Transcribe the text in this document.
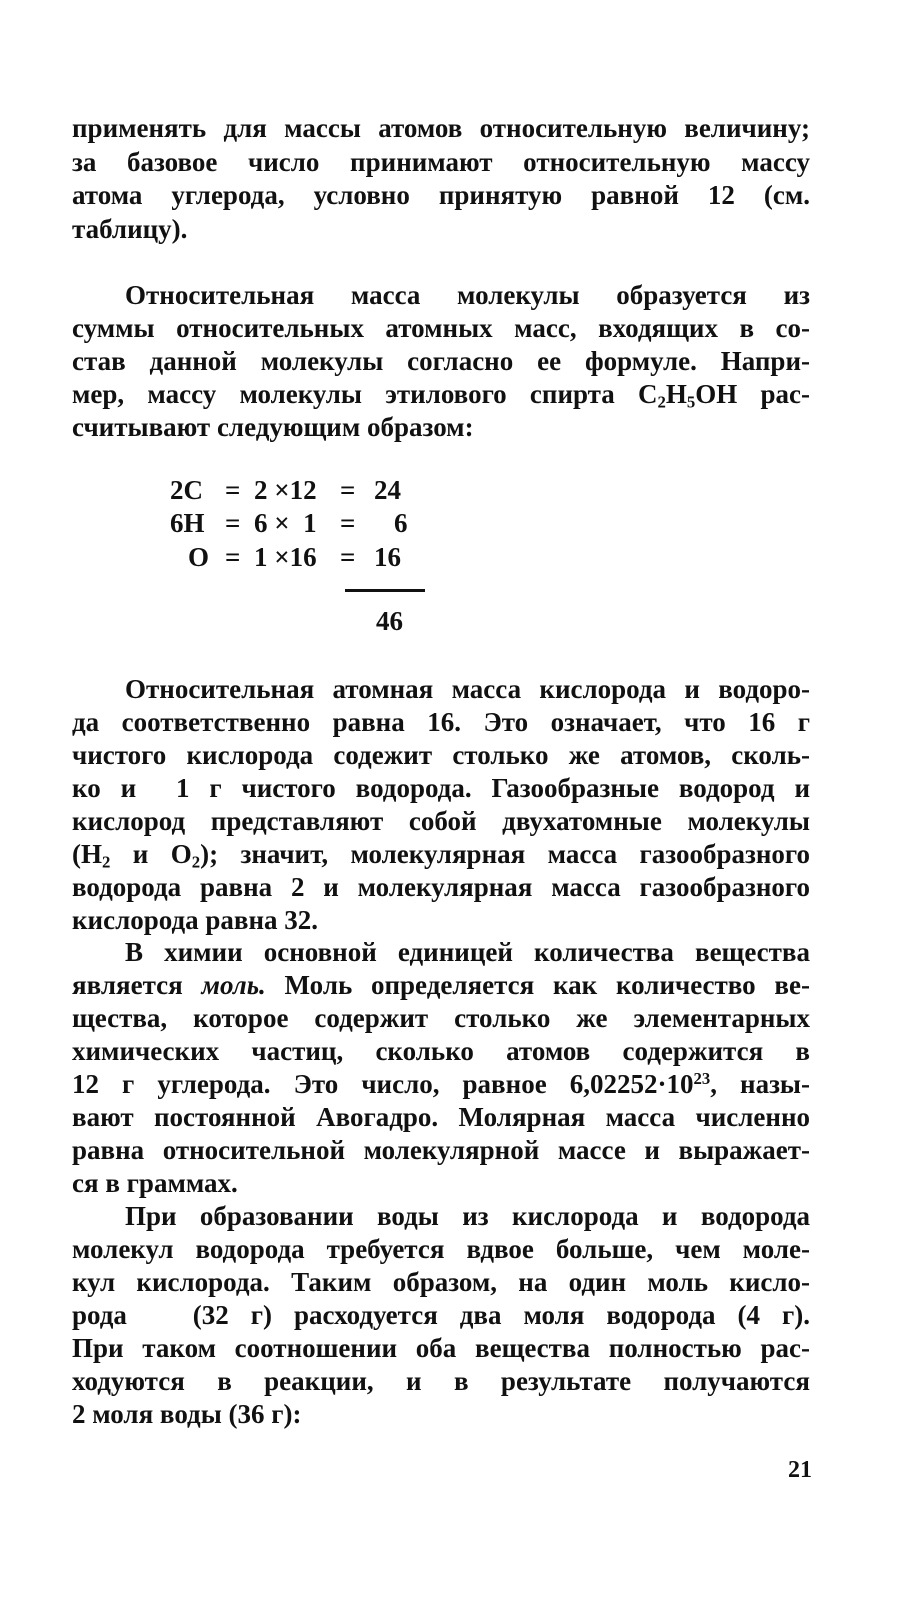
применять для массы атомов относительную величину;
за базовое число принимают относительную массу
атома углерода, условно принятую равной 12 (см.
таблицу).
Относительная масса молекулы образуется из
суммы относительных атомных масс, входящих в со-
став данной молекулы согласно ее формуле. Напри-
мер, массу молекулы этилового спирта $C_2H_5OH$ рас-
считывают следующим образом:
2C = 2 ×12 = 24
6H = 6 ×  1 = 6
O = 1 ×16 = 16
46
Относительная атомная масса кислорода и водоро-
да соответственно равна 16. Это означает, что 16 г
чистого кислорода содежит столько же атомов, сколь-
ко и  1 г чистого водорода. Газообразные водород и
кислород представляют собой двухатомные молекулы
($H_2$ и $O_2$); значит, молекулярная масса газообразного
водорода равна 2 и молекулярная масса газообразного
кислорода равна 32.
В химии основной единицей количества вещества
является моль. Моль определяется как количество ве-
щества, которое содержит столько же элементарных
химических частиц, сколько атомов содержится в
12 г углерода. Это число, равное $6,02252\cdot 10^{23}$, назы-
вают постоянной Авогадро. Молярная масса численно
равна относительной молекулярной массе и выражает-
ся в граммах.
При образовании воды из кислорода и водорода
молекул водорода требуется вдвое больше, чем моле-
кул кислорода. Таким образом, на один моль кисло-
рода   (32 г) расходуется два моля водорода (4 г).
При таком соотношении оба вещества полностью рас-
ходуются в реакции, и в результате получаются
2 моля воды (36 г):
21
